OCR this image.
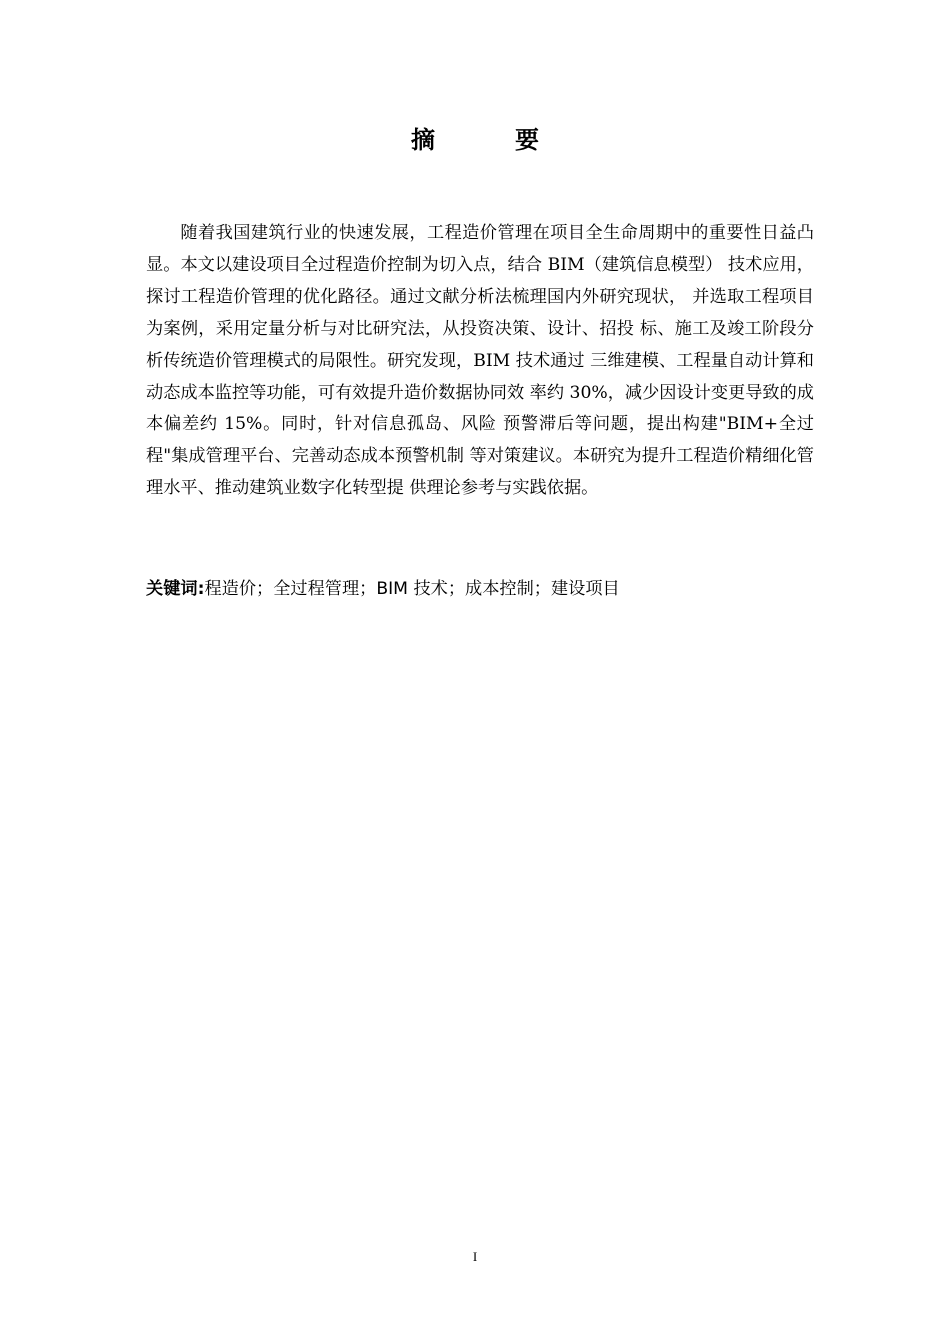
摘　要

随着我国建筑行业的快速发展，工程造价管理在项目全生命周期中的重要性日益凸显。本文以建设项目全过程造价控制为切入点，结合 BIM（建筑信息模型） 技术应用，探讨工程造价管理的优化路径。通过文献分析法梳理国内外研究现状， 并选取工程项目为案例，采用定量分析与对比研究法，从投资决策、设计、招投 标、施工及竣工阶段分析传统造价管理模式的局限性。研究发现，BIM 技术通过 三维建模、工程量自动计算和动态成本监控等功能，可有效提升造价数据协同效 率约 30%，减少因设计变更导致的成本偏差约 15%。同时，针对信息孤岛、风险 预警滞后等问题，提出构建"BIM+全过程"集成管理平台、完善动态成本预警机制 等对策建议。本研究为提升工程造价精细化管理水平、推动建筑业数字化转型提 供理论参考与实践依据。

关键词:程造价；全过程管理；BIM 技术；成本控制；建设项目
I
